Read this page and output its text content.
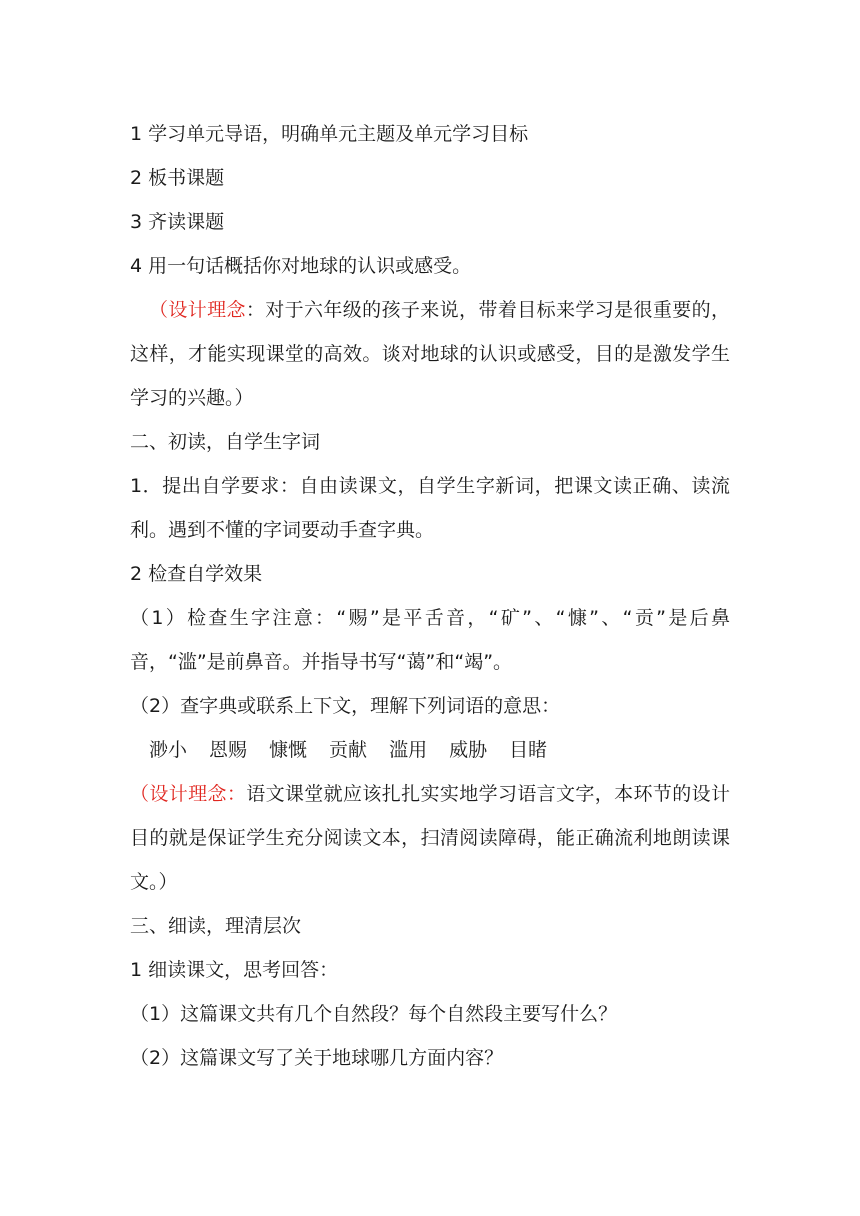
1 学习单元导语，明确单元主题及单元学习目标

2 板书课题

3 齐读课题

4 用一句话概括你对地球的认识或感受。

（设计理念：对于六年级的孩子来说，带着目标来学习是很重要的，这样，才能实现课堂的高效。谈对地球的认识或感受，目的是激发学生学习的兴趣。）

二、初读，自学生字词

1．提出自学要求：自由读课文，自学生字新词，把课文读正确、读流利。遇到不懂的字词要动手查字典。

2 检查自学效果

（1）检查生字注意：“赐”是平舌音，“矿”、“慷”、“贡”是后鼻音，“滥”是前鼻音。并指导书写“蔼”和“竭”。

（2）查字典或联系上下文，理解下列词语的意思：

渺小 恩赐 慷慨 贡献 滥用 威胁 目睹

（设计理念：语文课堂就应该扎扎实实地学习语言文字，本环节的设计目的就是保证学生充分阅读文本，扫清阅读障碍，能正确流利地朗读课文。）

三、细读，理清层次

1 细读课文，思考回答：

（1）这篇课文共有几个自然段？每个自然段主要写什么？

（2）这篇课文写了关于地球哪几方面内容？
